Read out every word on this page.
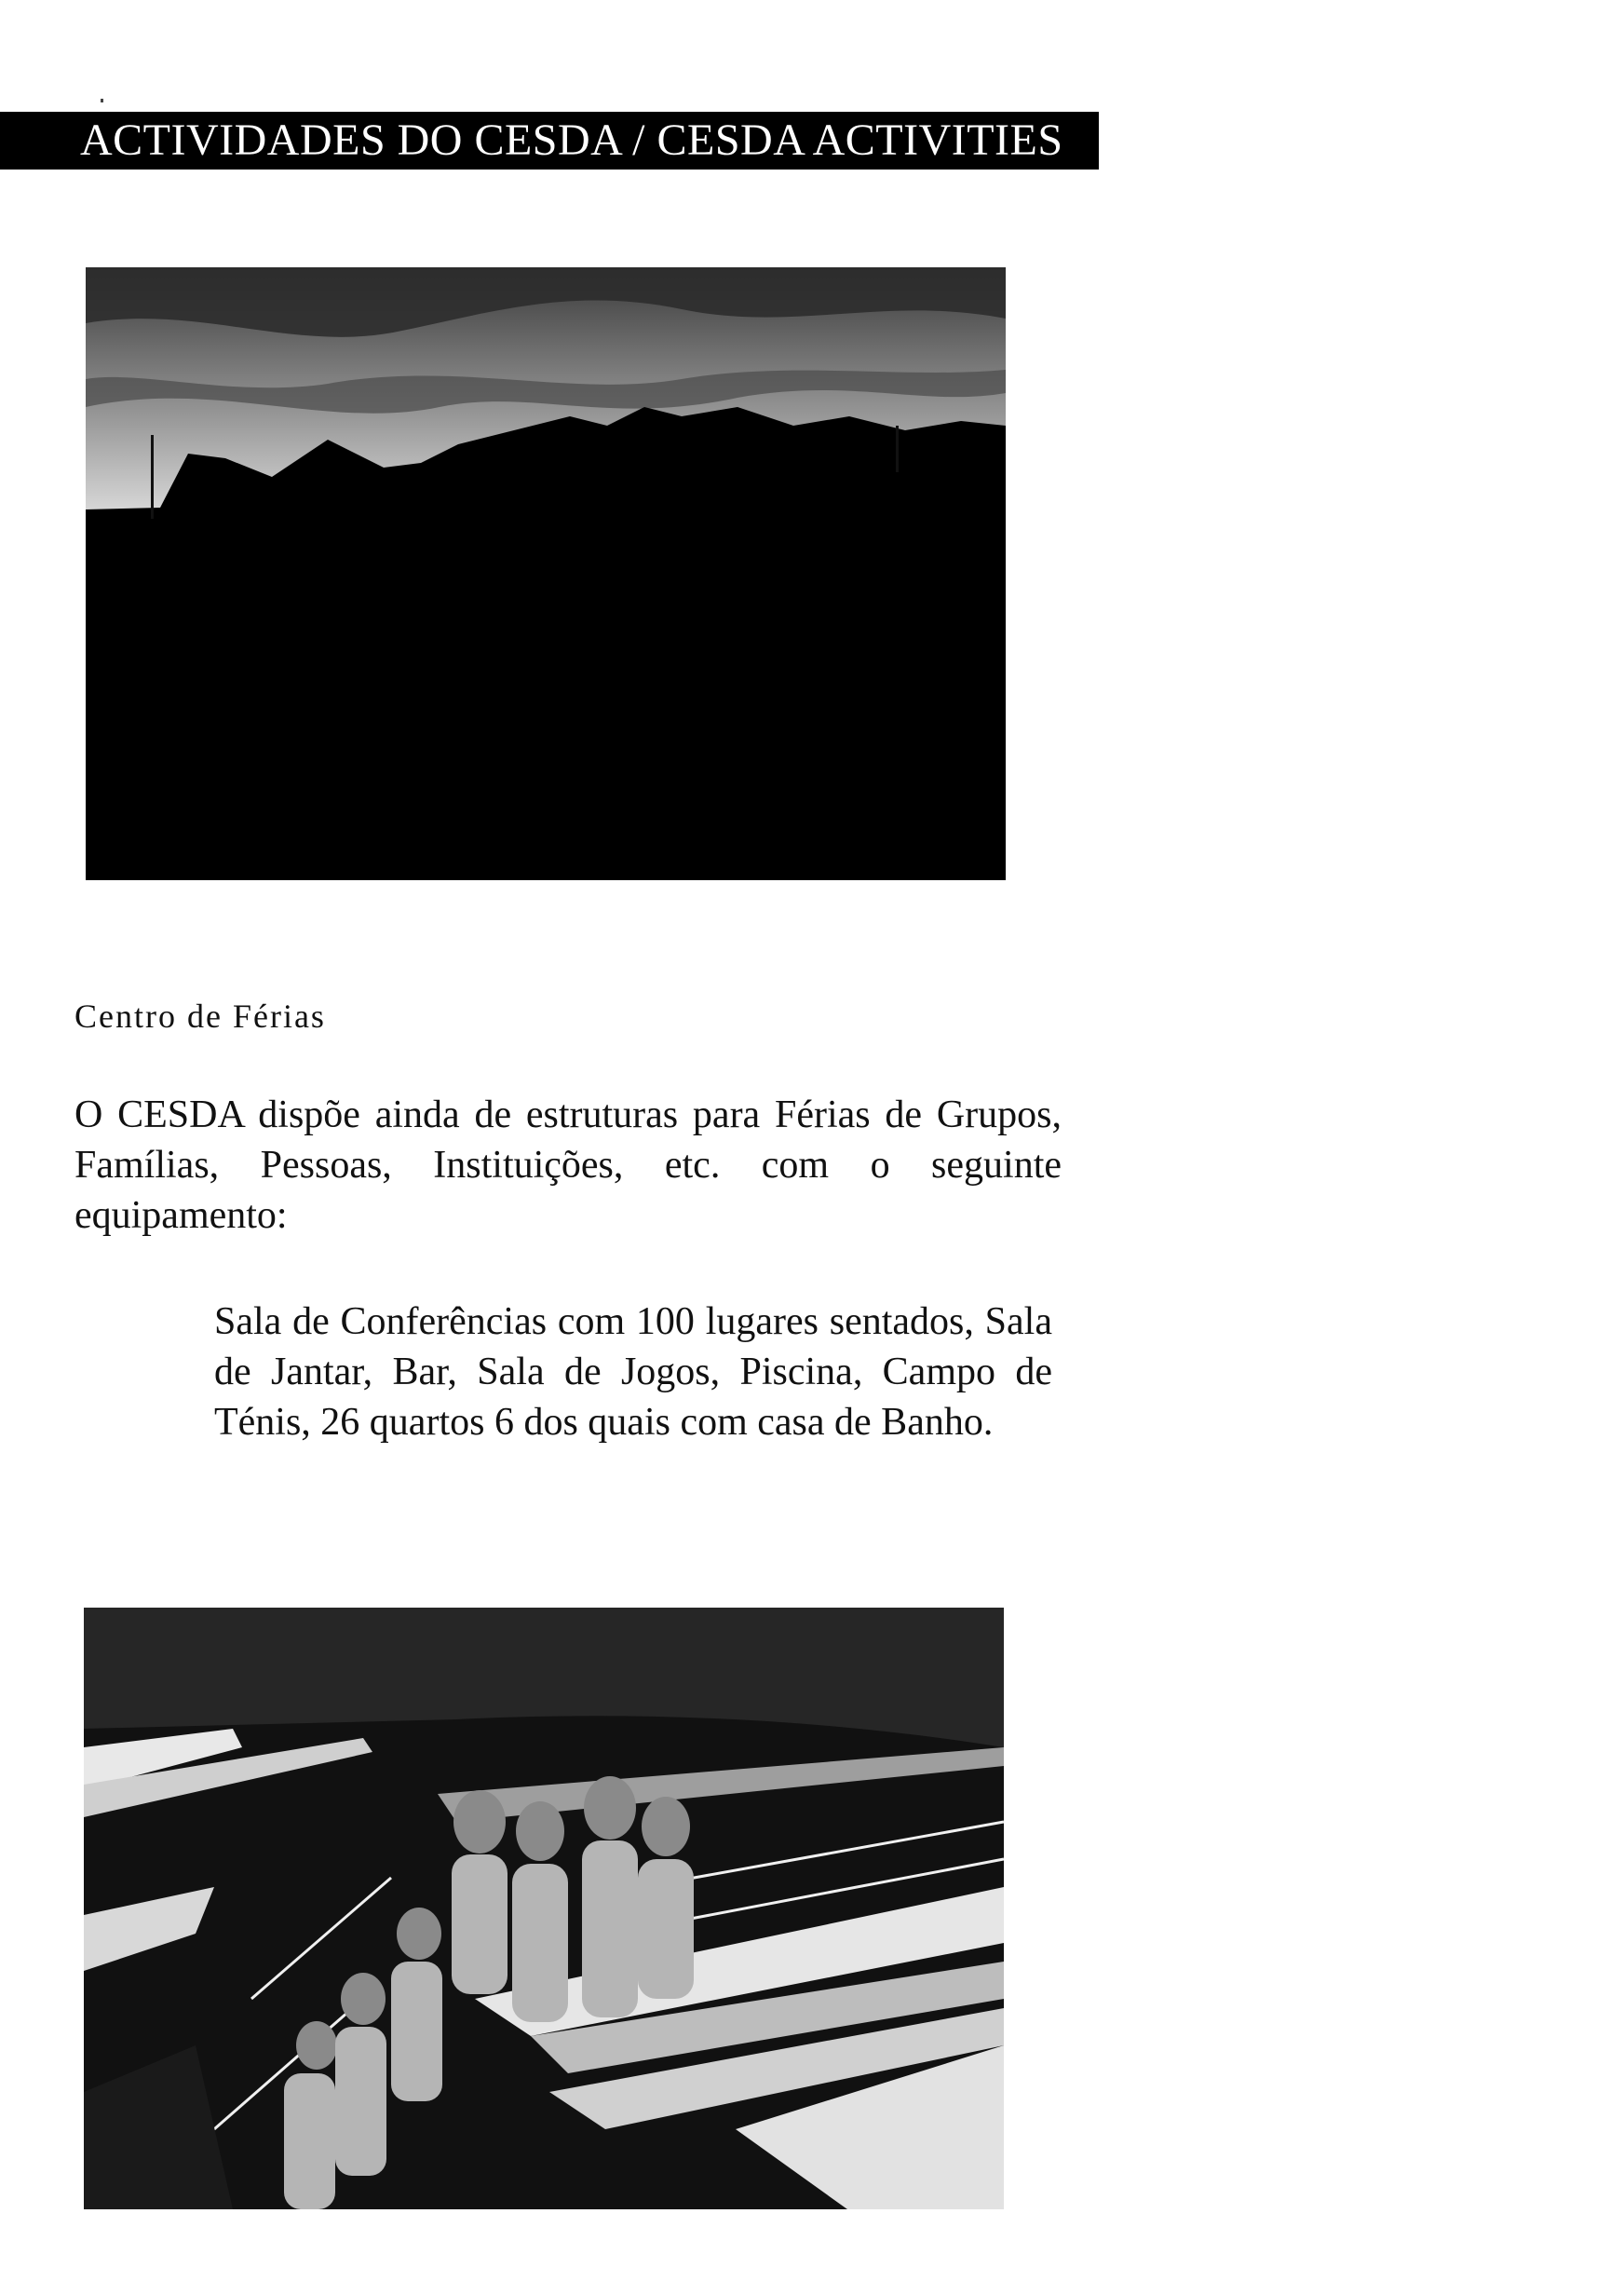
ACTIVIDADES DO CESDA / CESDA ACTIVITIES
Centro de Férias
O CESDA dispõe ainda de estruturas para Férias de Grupos, Famílias, Pessoas, Instituições, etc. com o seguinte equipamento:
Sala de Conferências com 100 lugares sentados, Sala de Jantar, Bar, Sala de Jogos, Piscina, Campo de Ténis, 26 quartos 6 dos quais com casa de Banho.
